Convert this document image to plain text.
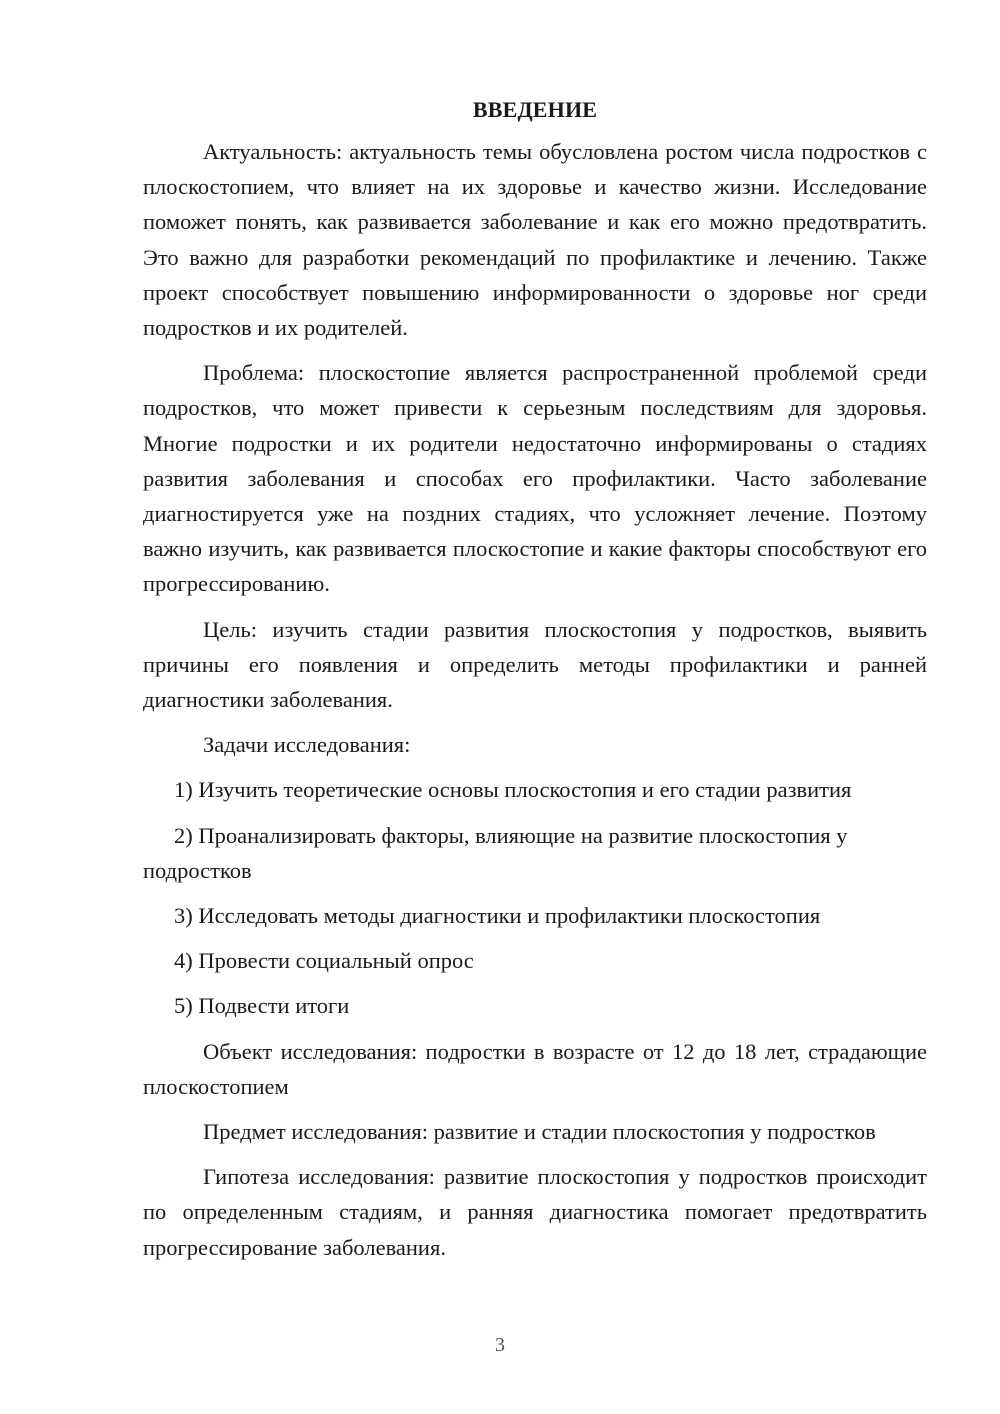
ВВЕДЕНИЕ

Актуальность: актуальность темы обусловлена ростом числа подростков с плоскостопием, что влияет на их здоровье и качество жизни. Исследование поможет понять, как развивается заболевание и как его можно предотвратить. Это важно для разработки рекомендаций по профилактике и лечению. Также проект способствует повышению информированности о здоровье ног среди подростков и их родителей.

Проблема: плоскостопие является распространенной проблемой среди подростков, что может привести к серьезным последствиям для здоровья. Многие подростки и их родители недостаточно информированы о стадиях развития заболевания и способах его профилактики. Часто заболевание диагностируется уже на поздних стадиях, что усложняет лечение. Поэтому важно изучить, как развивается плоскостопие и какие факторы способствуют его прогрессированию.

Цель: изучить стадии развития плоскостопия у подростков, выявить причины его появления и определить методы профилактики и ранней диагностики заболевания.

Задачи исследования:

1) Изучить теоретические основы плоскостопия и его стадии развития

2) Проанализировать факторы, влияющие на развитие плоскостопия у подростков

3) Исследовать методы диагностики и профилактики плоскостопия

4) Провести социальный опрос

5) Подвести итоги

Объект исследования: подростки в возрасте от 12 до 18 лет, страдающие плоскостопием

Предмет исследования: развитие и стадии плоскостопия у подростков

Гипотеза исследования: развитие плоскостопия у подростков происходит по определенным стадиям, и ранняя диагностика помогает предотвратить прогрессирование заболевания.

3
